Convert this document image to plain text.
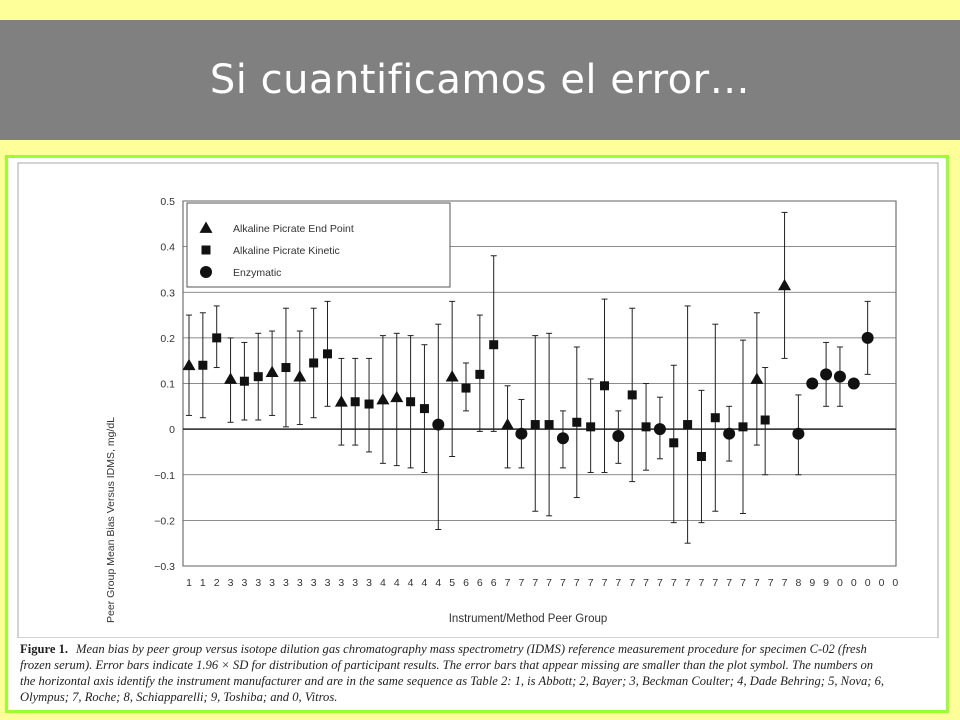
Si cuantificamos el error…
−0.3
−0.2
−0.1
0
0.1
0.2
0.3
0.4
0.5
1 1 2 3 3 3 3 3 3 3 3 3 3 3 4 4 4 4 4 5 6 6 6 7 7 7 7 7 7 7 7 7 7 7 7 7 7 7 7 7 7 7 7 7 8 9 9 0 0 0 0 0
Alkaline Picrate End Point
Alkaline Picrate Kinetic
Enzymatic
Instrument/Method Peer Group
Peer Group Mean Bias Versus IDMS, mg/dL
Figure 1. Mean bias by peer group versus isotope dilution gas chromatography mass spectrometry (IDMS) reference measurement procedure for specimen C-02 (fresh frozen serum). Error bars indicate 1.96 × SD for distribution of participant results. The error bars that appear missing are smaller than the plot symbol. The numbers on the horizontal axis identify the instrument manufacturer and are in the same sequence as Table 2: 1, is Abbott; 2, Bayer; 3, Beckman Coulter; 4, Dade Behring; 5, Nova; 6, Olympus; 7, Roche; 8, Schiapparelli; 9, Toshiba; and 0, Vitros.
